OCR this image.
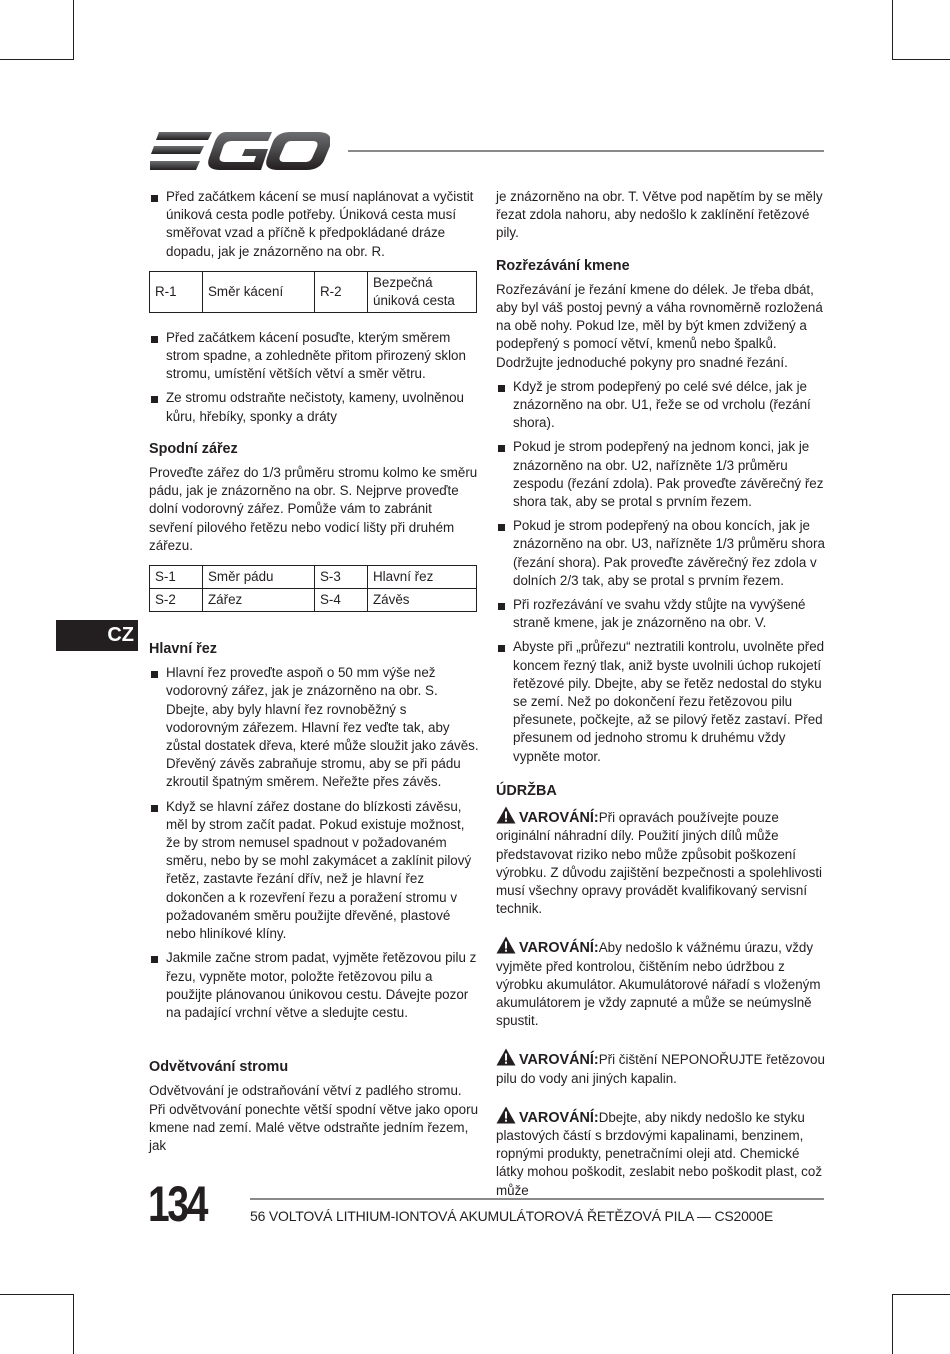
Před začátkem kácení se musí naplánovat a vyčistit úniková cesta podle potřeby. Úniková cesta musí směřovat vzad a příčně k předpokládané dráze dopadu, jak je znázorněno na obr. R.
R-1	Směr kácení	R-2	Bezpečná úniková cesta
Před začátkem kácení posuďte, kterým směrem strom spadne, a zohledněte přitom přirozený sklon stromu, umístění větších větví a směr větru.
Ze stromu odstraňte nečistoty, kameny, uvolněnou kůru, hřebíky, sponky a dráty
Spodní zářez

Proveďte zářez do 1/3 průměru stromu kolmo ke směru pádu, jak je znázorněno na obr. S. Nejprve proveďte dolní vodorovný zářez. Pomůže vám to zabránit sevření pilového řetězu nebo vodicí lišty při druhém zářezu.

S-1	Směr pádu	S-3	Hlavní řez
S-2	Zářez	S-4	Závěs
Hlavní řez
Hlavní řez proveďte aspoň o 50 mm výše než vodorovný zářez, jak je znázorněno na obr. S. Dbejte, aby byly hlavní řez rovnoběžný s vodorovným zářezem. Hlavní řez veďte tak, aby zůstal dostatek dřeva, které může sloužit jako závěs. Dřevěný závěs zabraňuje stromu, aby se při pádu zkroutil špatným směrem. Neřežte přes závěs.
Když se hlavní zářez dostane do blízkosti závěsu, měl by strom začít padat. Pokud existuje možnost, že by strom nemusel spadnout v požadovaném směru, nebo by se mohl zakymácet a zaklínit pilový řetěz, zastavte řezání dřív, než je hlavní řez dokončen a k rozevření řezu a poražení stromu v požadovaném směru použijte dřevěné, plastové nebo hliníkové klíny.
Jakmile začne strom padat, vyjměte řetězovou pilu z řezu, vypněte motor, položte řetězovou pilu a použijte plánovanou únikovou cestu. Dávejte pozor na padající vrchní větve a sledujte cestu.
Odvětvování stromu

Odvětvování je odstraňování větví z padlého stromu. Při odvětvování ponechte větší spodní větve jako oporu kmene nad zemí. Malé větve odstraňte jedním řezem, jak

je znázorněno na obr. T. Větve pod napětím by se měly řezat zdola nahoru, aby nedošlo k zaklínění řetězové pily.

Rozřezávání kmene

Rozřezávání je řezání kmene do délek. Je třeba dbát, aby byl váš postoj pevný a váha rovnoměrně rozložená na obě nohy. Pokud lze, měl by být kmen zdvižený a podepřený s pomocí větví, kmenů nebo špalků. Dodržujte jednoduché pokyny pro snadné řezání.

Když je strom podepřený po celé své délce, jak je znázorněno na obr. U1, řeže se od vrcholu (řezání shora).
Pokud je strom podepřený na jednom konci, jak je znázorněno na obr. U2, nařízněte 1/3 průměru zespodu (řezání zdola). Pak proveďte závěrečný řez shora tak, aby se protal s prvním řezem.
Pokud je strom podepřený na obou koncích, jak je znázorněno na obr. U3, nařízněte 1/3 průměru shora (řezání shora). Pak proveďte závěrečný řez zdola v dolních 2/3 tak, aby se protal s prvním řezem.
Při rozřezávání ve svahu vždy stůjte na vyvýšené straně kmene, jak je znázorněno na obr. V.
Abyste při „průřezu“ neztratili kontrolu, uvolněte před koncem řezný tlak, aniž byste uvolnili úchop rukojetí řetězové pily. Dbejte, aby se řetěz nedostal do styku se zemí. Než po dokončení řezu řetězovou pilu přesunete, počkejte, až se pilový řetěz zastaví. Před přesunem od jednoho stromu k druhému vždy vypněte motor.
ÚDRŽBA

VAROVÁNÍ:Při opravách používejte pouze originální náhradní díly. Použití jiných dílů může představovat riziko nebo může způsobit poškození výrobku. Z důvodu zajištění bezpečnosti a spolehlivosti musí všechny opravy provádět kvalifikovaný servisní technik.

VAROVÁNÍ:Aby nedošlo k vážnému úrazu, vždy vyjměte před kontrolou, čištěním nebo údržbou z výrobku akumulátor. Akumulátorové nářadí s vloženým akumulátorem je vždy zapnuté a může se neúmyslně spustit.

VAROVÁNÍ:Při čištění NEPONOŘUJTE řetězovou pilu do vody ani jiných kapalin.

VAROVÁNÍ:Dbejte, aby nikdy nedošlo ke styku plastových částí s brzdovými kapalinami, benzinem, ropnými produkty, penetračními oleji atd. Chemické látky mohou poškodit, zeslabit nebo poškodit plast, což může

CZ
134	56 VOLTOVÁ LITHIUM-IONTOVÁ AKUMULÁTOROVÁ ŘETĚZOVÁ PILA — CS2000E
